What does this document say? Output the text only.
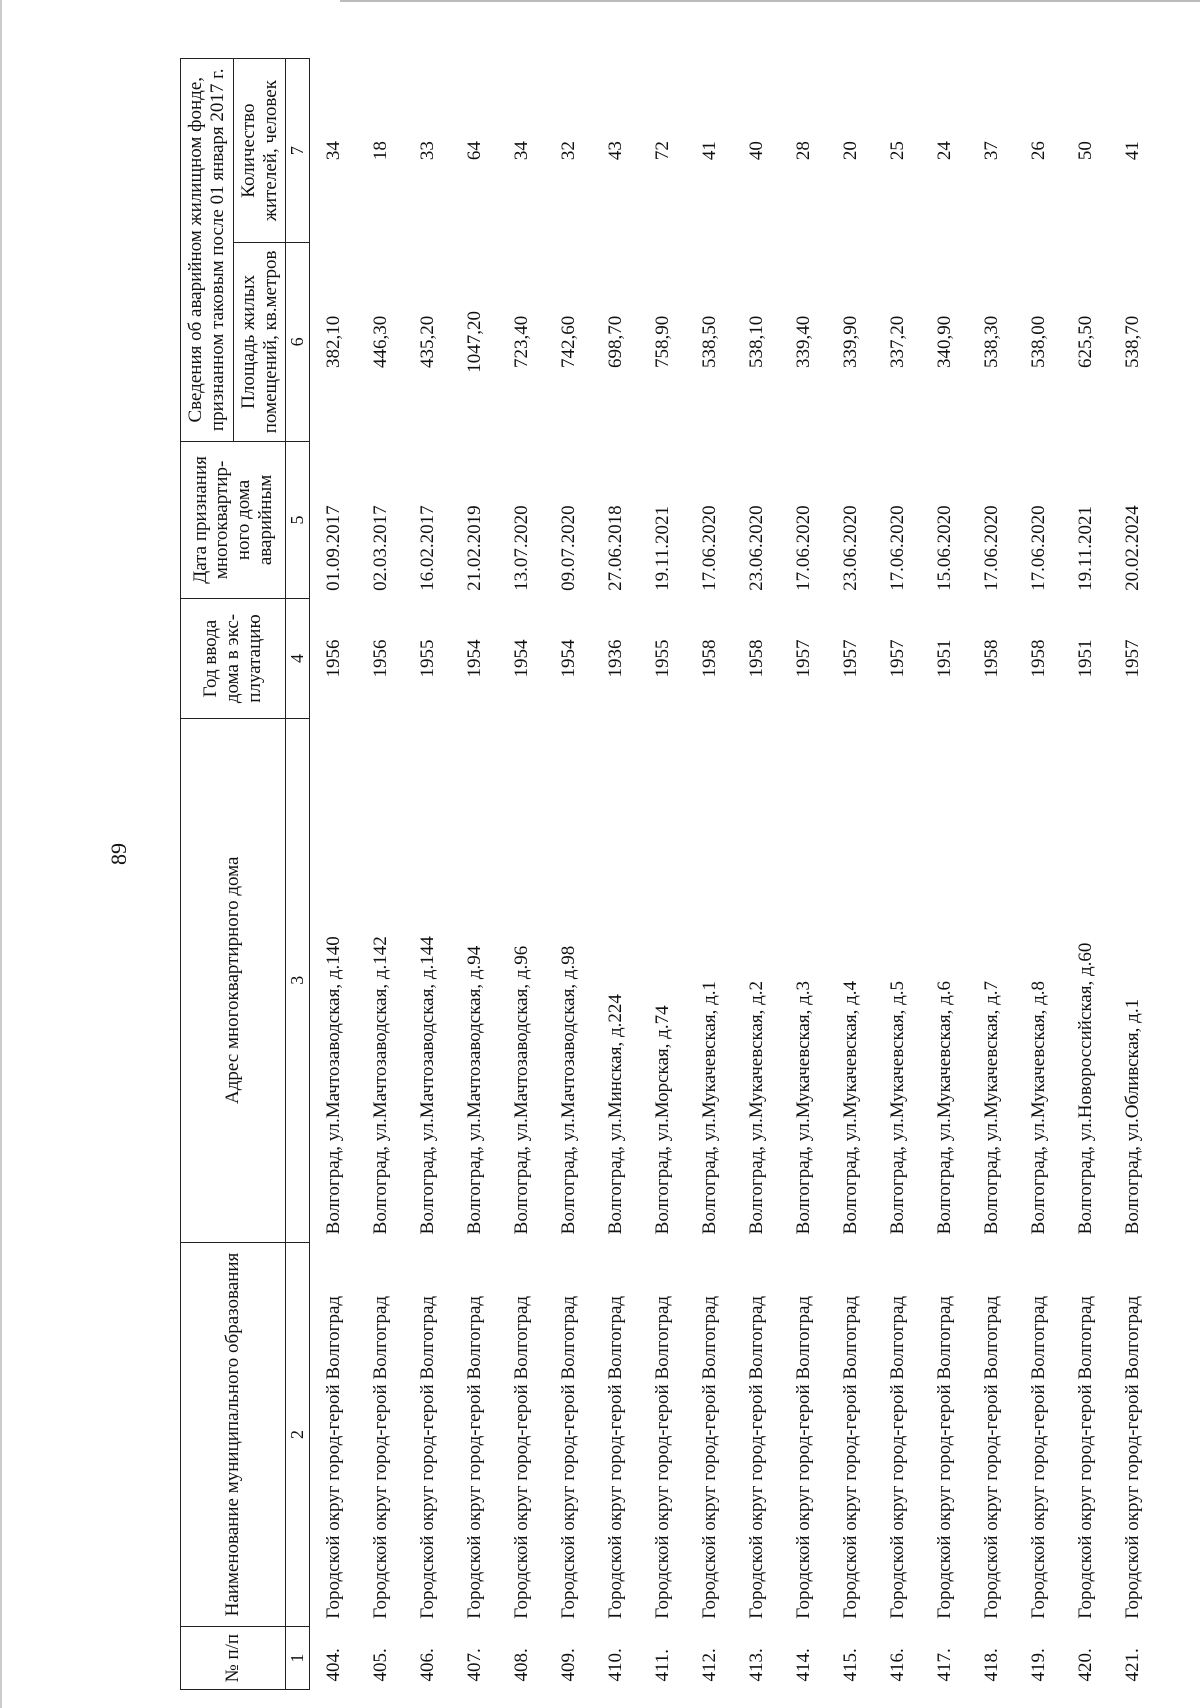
89
№ п/п	Наименование муниципального образования	Адрес многоквартирного дома	Год ввода дома в экс-плуатацию	Дата признания многоквартир-ного дома аварийным	Сведения об аварийном жилищном фонде, признанном таковым после 01 января 2017 г.	
					Площадь жилых помещений, кв.метров	Количество жителей, человек
1	2	3	4	5	6	7
404.	Городской округ город-герой Волгоград	Волгоград, ул.Мачтозаводская, д.140	1956	01.09.2017	382,10	34
405.	Городской округ город-герой Волгоград	Волгоград, ул.Мачтозаводская, д.142	1956	02.03.2017	446,30	18
406.	Городской округ город-герой Волгоград	Волгоград, ул.Мачтозаводская, д.144	1955	16.02.2017	435,20	33
407.	Городской округ город-герой Волгоград	Волгоград, ул.Мачтозаводская, д.94	1954	21.02.2019	1047,20	64
408.	Городской округ город-герой Волгоград	Волгоград, ул.Мачтозаводская, д.96	1954	13.07.2020	723,40	34
409.	Городской округ город-герой Волгоград	Волгоград, ул.Мачтозаводская, д.98	1954	09.07.2020	742,60	32
410.	Городской округ город-герой Волгоград	Волгоград, ул.Минская, д.224	1936	27.06.2018	698,70	43
411.	Городской округ город-герой Волгоград	Волгоград, ул.Морская, д.74	1955	19.11.2021	758,90	72
412.	Городской округ город-герой Волгоград	Волгоград, ул.Мукачевская, д.1	1958	17.06.2020	538,50	41
413.	Городской округ город-герой Волгоград	Волгоград, ул.Мукачевская, д.2	1958	23.06.2020	538,10	40
414.	Городской округ город-герой Волгоград	Волгоград, ул.Мукачевская, д.3	1957	17.06.2020	339,40	28
415.	Городской округ город-герой Волгоград	Волгоград, ул.Мукачевская, д.4	1957	23.06.2020	339,90	20
416.	Городской округ город-герой Волгоград	Волгоград, ул.Мукачевская, д.5	1957	17.06.2020	337,20	25
417.	Городской округ город-герой Волгоград	Волгоград, ул.Мукачевская, д.6	1951	15.06.2020	340,90	24
418.	Городской округ город-герой Волгоград	Волгоград, ул.Мукачевская, д.7	1958	17.06.2020	538,30	37
419.	Городской округ город-герой Волгоград	Волгоград, ул.Мукачевская, д.8	1958	17.06.2020	538,00	26
420.	Городской округ город-герой Волгоград	Волгоград, ул.Новороссийская, д.60	1951	19.11.2021	625,50	50
421.	Городской округ город-герой Волгоград	Волгоград, ул.Обливская, д.1	1957	20.02.2024	538,70	41
